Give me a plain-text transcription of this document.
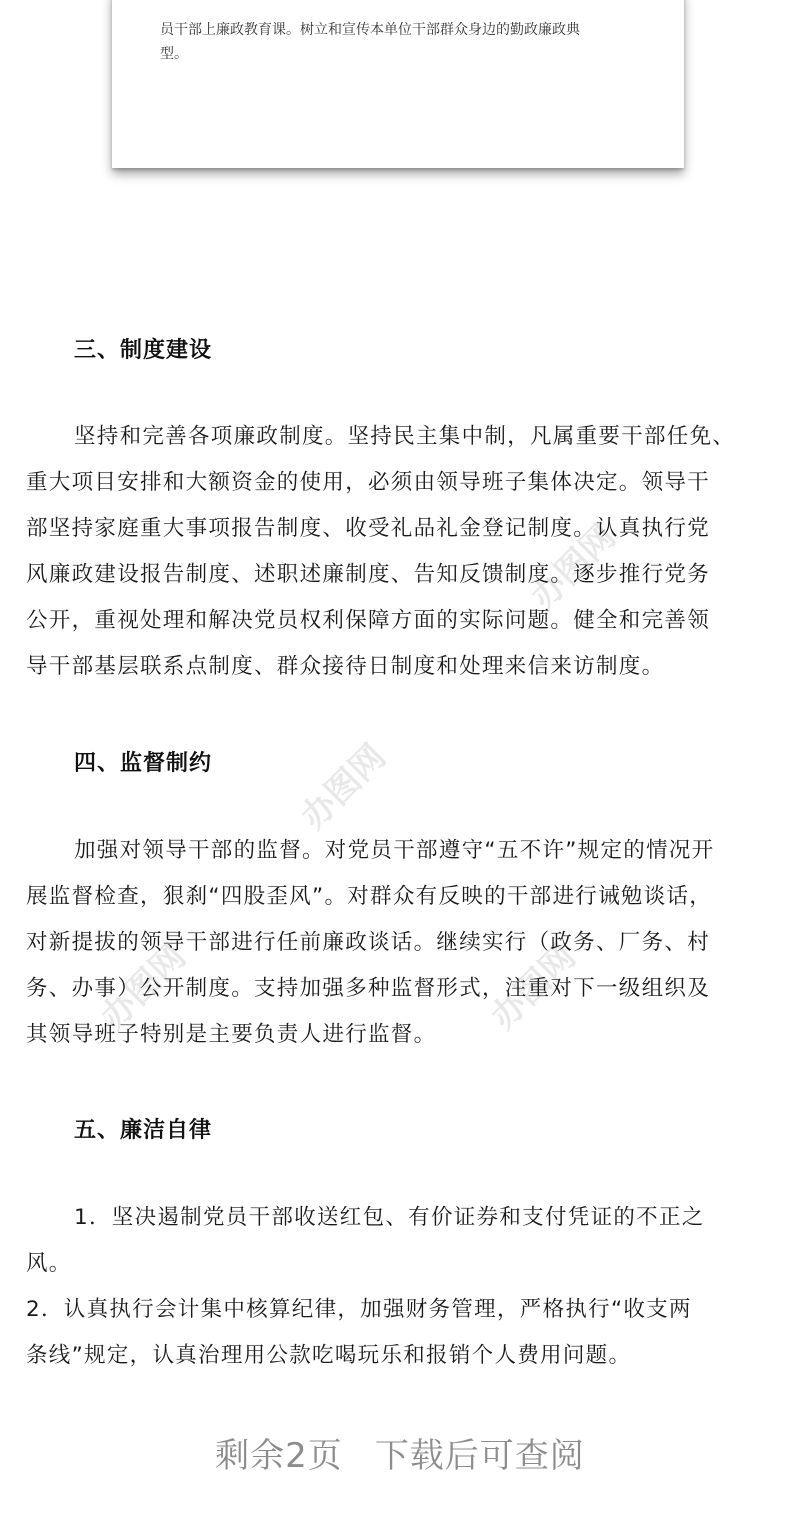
员干部上廉政教育课。树立和宣传本单位干部群众身边的勤政廉政典
型。
办图网
办图网
办图网
办图网
三、制度建设
坚持和完善各项廉政制度。坚持民主集中制，凡属重要干部任免、
重大项目安排和大额资金的使用，必须由领导班子集体决定。领导干
部坚持家庭重大事项报告制度、收受礼品礼金登记制度。认真执行党
风廉政建设报告制度、述职述廉制度、告知反馈制度。逐步推行党务
公开，重视处理和解决党员权利保障方面的实际问题。健全和完善领
导干部基层联系点制度、群众接待日制度和处理来信来访制度。
四、监督制约
加强对领导干部的监督。对党员干部遵守“五不许”规定的情况开
展监督检查，狠刹“四股歪风”。对群众有反映的干部进行诫勉谈话，
对新提拔的领导干部进行任前廉政谈话。继续实行（政务、厂务、村
务、办事）公开制度。支持加强多种监督形式，注重对下一级组织及
其领导班子特别是主要负责人进行监督。
五、廉洁自律
1．坚决遏制党员干部收送红包、有价证券和支付凭证的不正之
风。
2．认真执行会计集中核算纪律，加强财务管理，严格执行“收支两
条线”规定，认真治理用公款吃喝玩乐和报销个人费用问题。
剩余2页 下载后可查阅
